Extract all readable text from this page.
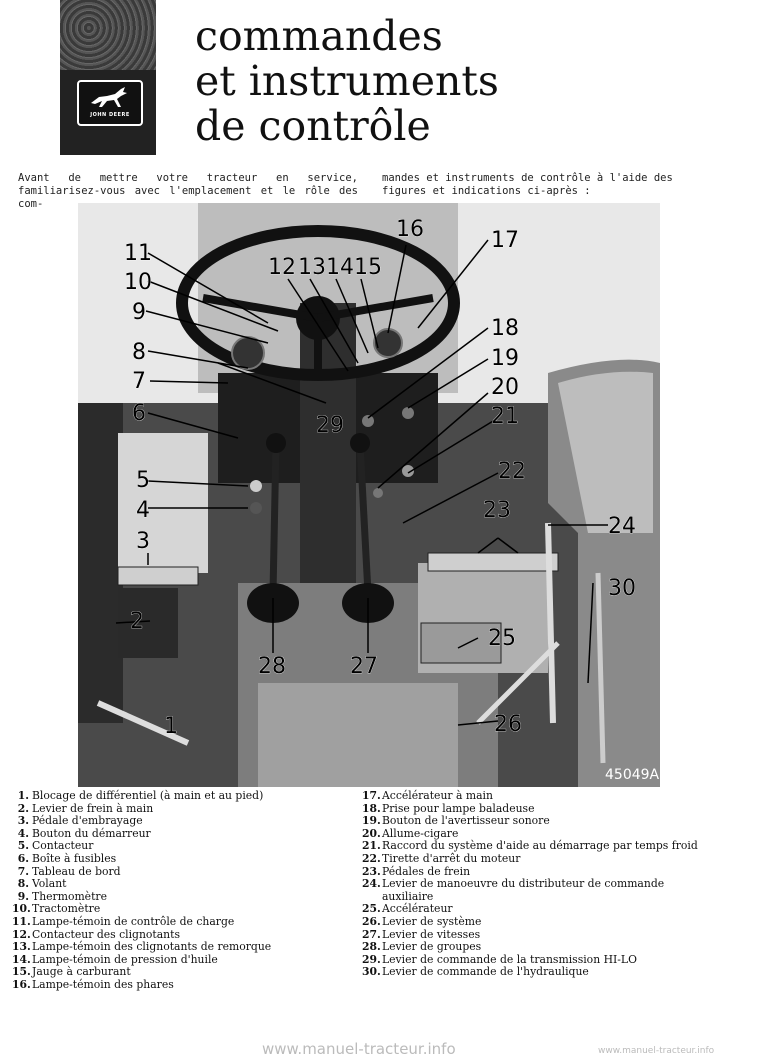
JOHN DEERE
commandes
et instruments
de contrôle
Avant de mettre votre tracteur en service, familiarisez-vous avec l'emplacement et le rôle des com-
mandes et instruments de contrôle à l'aide des figures et indications ci-après :
1
2
3
4
5
6
7
8
9
10
11
12 13 14 15
16	17
18
19
20
21
22
23
24
25
26
27
28
29
30
45049A
1. Blocage de différentiel (à main et au pied)
2. Levier de frein à main
3. Pédale d'embrayage
4. Bouton du démarreur
5. Contacteur
6. Boîte à fusibles
7. Tableau de bord
8. Volant
9. Thermomètre
10. Tractomètre
11. Lampe-témoin de contrôle de charge
12. Contacteur des clignotants
13. Lampe-témoin des clignotants de remorque
14. Lampe-témoin de pression d'huile
15. Jauge à carburant
16. Lampe-témoin des phares
17. Accélérateur à main
18. Prise pour lampe baladeuse
19. Bouton de l'avertisseur sonore
20. Allume-cigare
21. Raccord du système d'aide au démarrage par temps froid
22. Tirette d'arrêt du moteur
23. Pédales de frein
24. Levier de manoeuvre du distributeur de commande auxiliaire
25. Accélérateur
26. Levier de système
27. Levier de vitesses
28. Levier de groupes
29. Levier de commande de la transmission HI-LO
30. Levier de commande de l'hydraulique
www.manuel-tracteur.info	www.manuel-tracteur.info
